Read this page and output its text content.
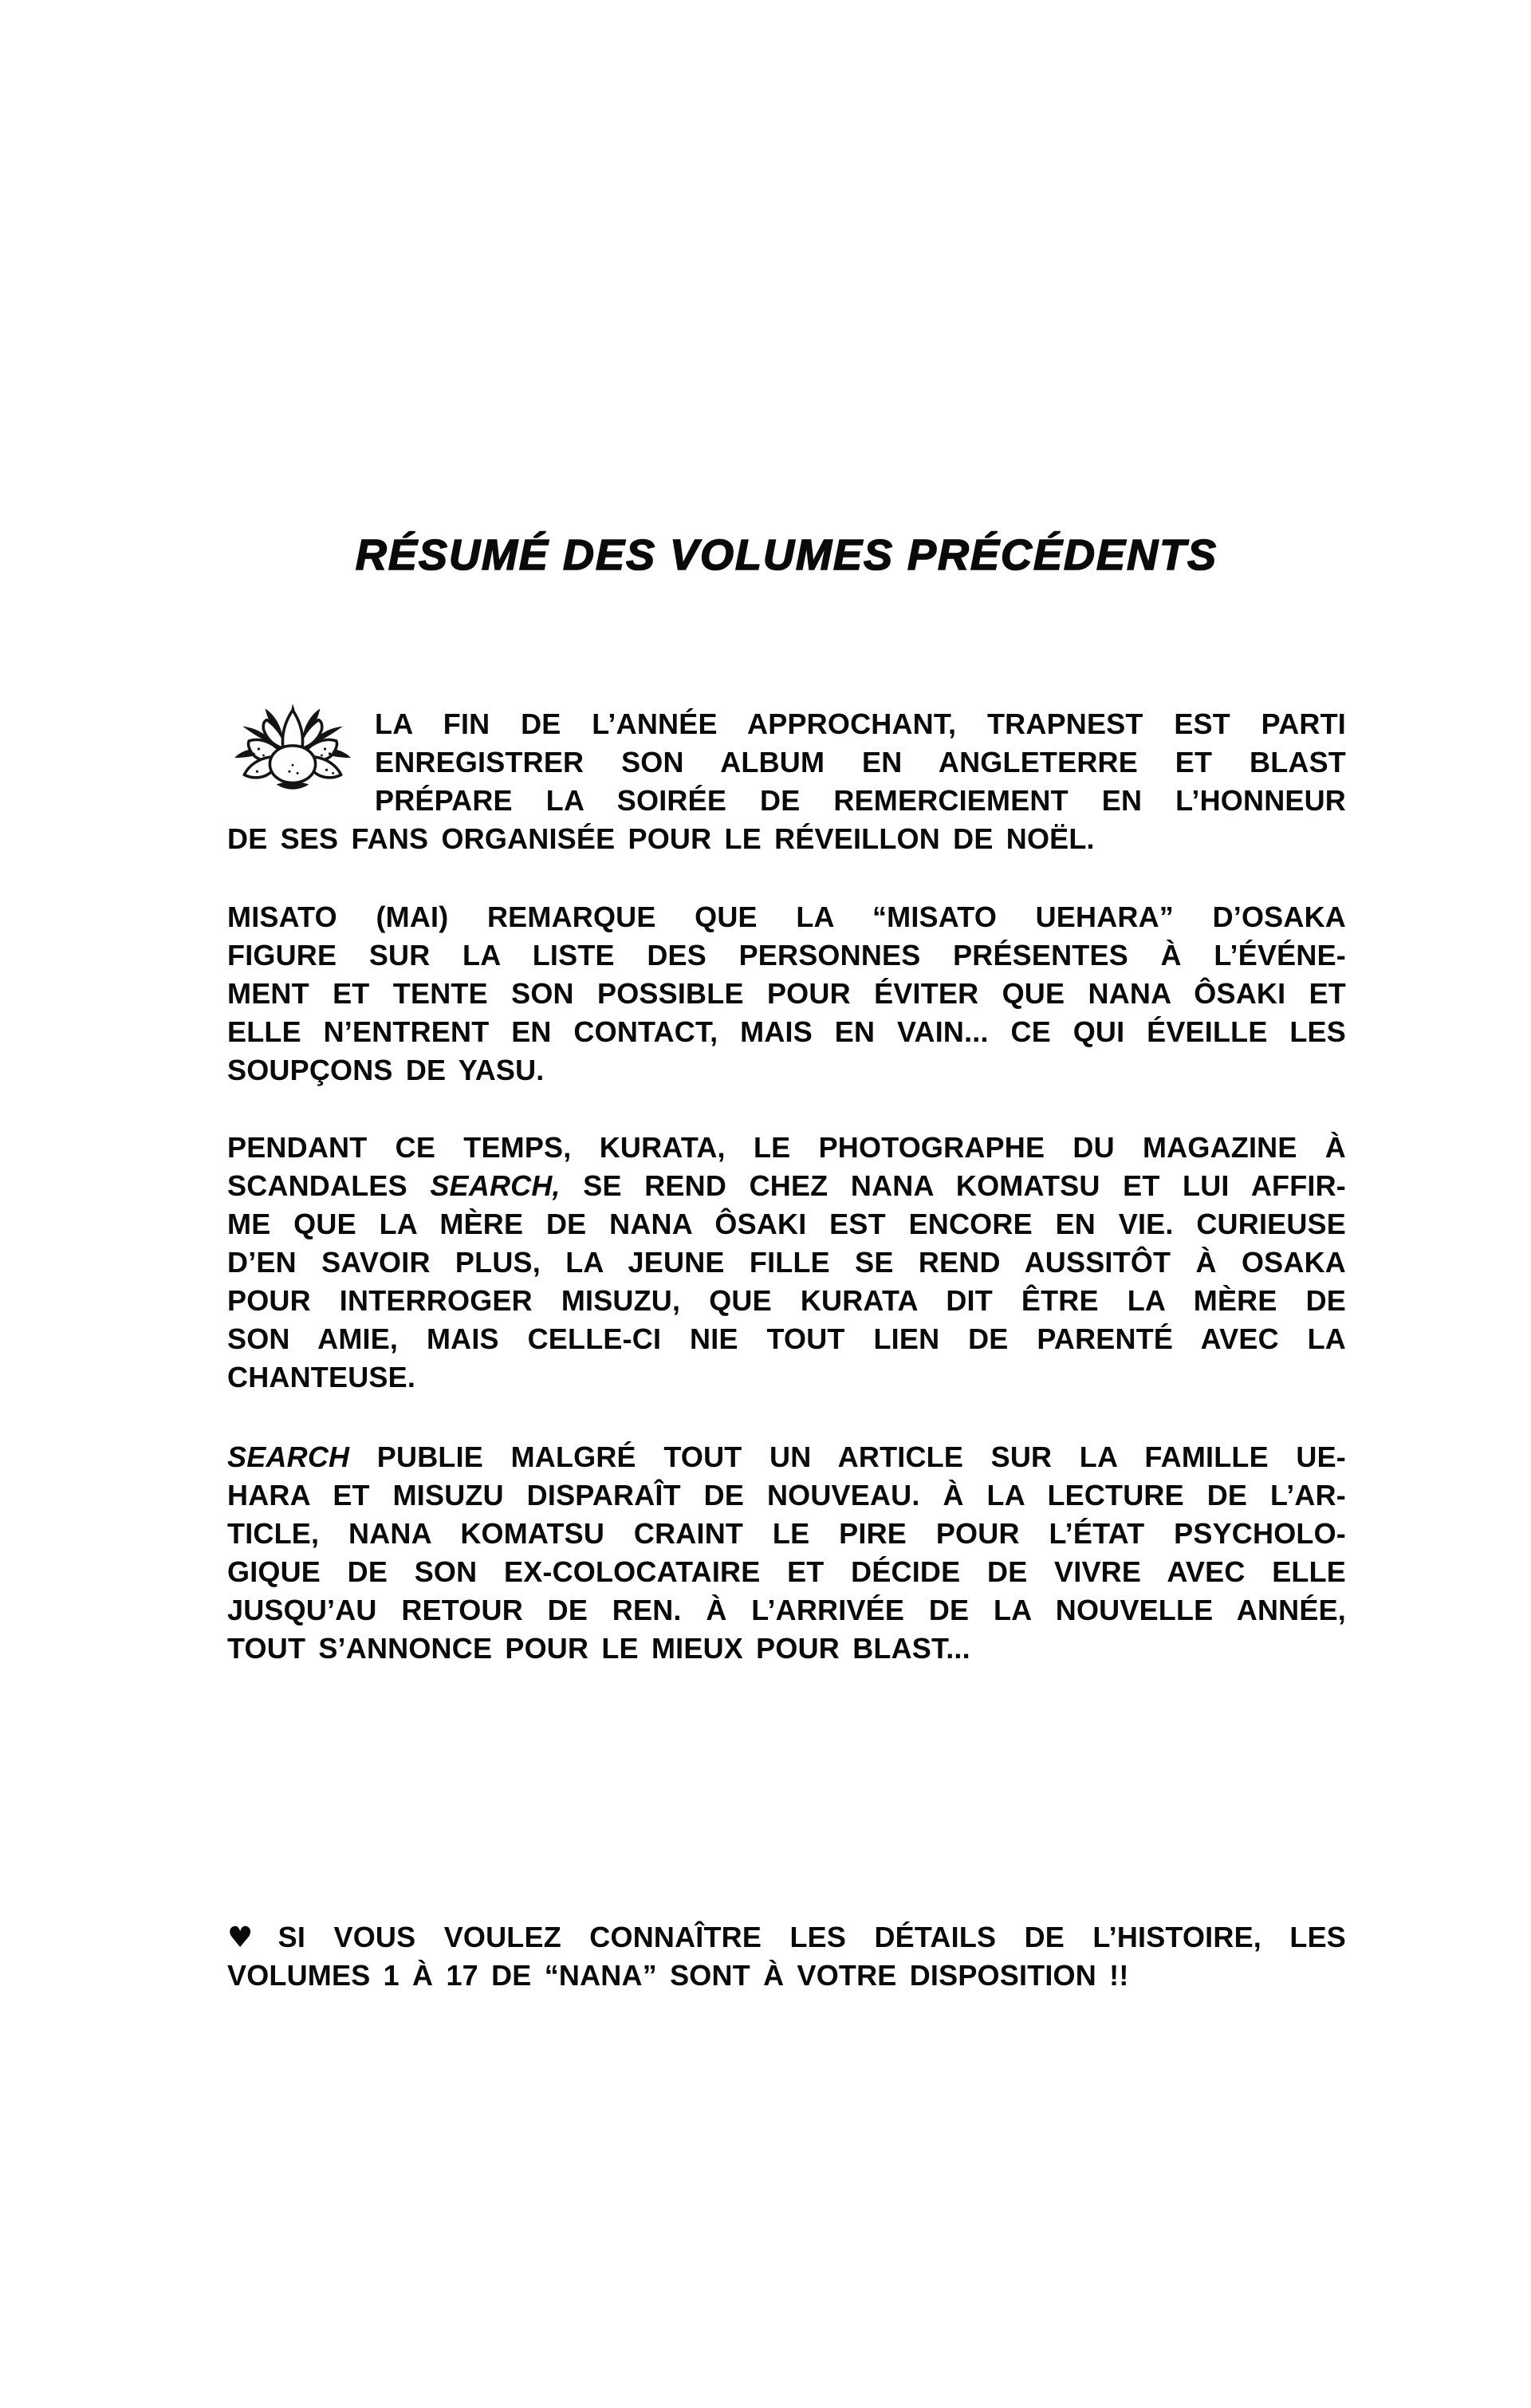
RÉSUMÉ DES VOLUMES PRÉCÉDENTS
LA FIN DE L’ANNÉE APPROCHANT, TRAPNEST EST PARTI
ENREGISTRER SON ALBUM EN ANGLETERRE ET BLAST
PRÉPARE LA SOIRÉE DE REMERCIEMENT EN L’HONNEUR
DE SES FANS ORGANISÉE POUR LE RÉVEILLON DE NOËL.
MISATO (MAI) REMARQUE QUE LA “MISATO UEHARA” D’OSAKA
FIGURE SUR LA LISTE DES PERSONNES PRÉSENTES À L’ÉVÉNE-
MENT ET TENTE SON POSSIBLE POUR ÉVITER QUE NANA ÔSAKI ET
ELLE N’ENTRENT EN CONTACT, MAIS EN VAIN... CE QUI ÉVEILLE LES
SOUPÇONS DE YASU.
PENDANT CE TEMPS, KURATA, LE PHOTOGRAPHE DU MAGAZINE À
SCANDALES SEARCH, SE REND CHEZ NANA KOMATSU ET LUI AFFIR-
ME QUE LA MÈRE DE NANA ÔSAKI EST ENCORE EN VIE. CURIEUSE
D’EN SAVOIR PLUS, LA JEUNE FILLE SE REND AUSSITÔT À OSAKA
POUR INTERROGER MISUZU, QUE KURATA DIT ÊTRE LA MÈRE DE
SON AMIE, MAIS CELLE-CI NIE TOUT LIEN DE PARENTÉ AVEC LA
CHANTEUSE.
SEARCH PUBLIE MALGRÉ TOUT UN ARTICLE SUR LA FAMILLE UE-
HARA ET MISUZU DISPARAÎT DE NOUVEAU. À LA LECTURE DE L’AR-
TICLE, NANA KOMATSU CRAINT LE PIRE POUR L’ÉTAT PSYCHOLO-
GIQUE DE SON EX-COLOCATAIRE ET DÉCIDE DE VIVRE AVEC ELLE
JUSQU’AU RETOUR DE REN. À L’ARRIVÉE DE LA NOUVELLE ANNÉE,
TOUT S’ANNONCE POUR LE MIEUX POUR BLAST...
♥ SI VOUS VOULEZ CONNAÎTRE LES DÉTAILS DE L’HISTOIRE, LES
VOLUMES 1 À 17 DE “NANA” SONT À VOTRE DISPOSITION !!
